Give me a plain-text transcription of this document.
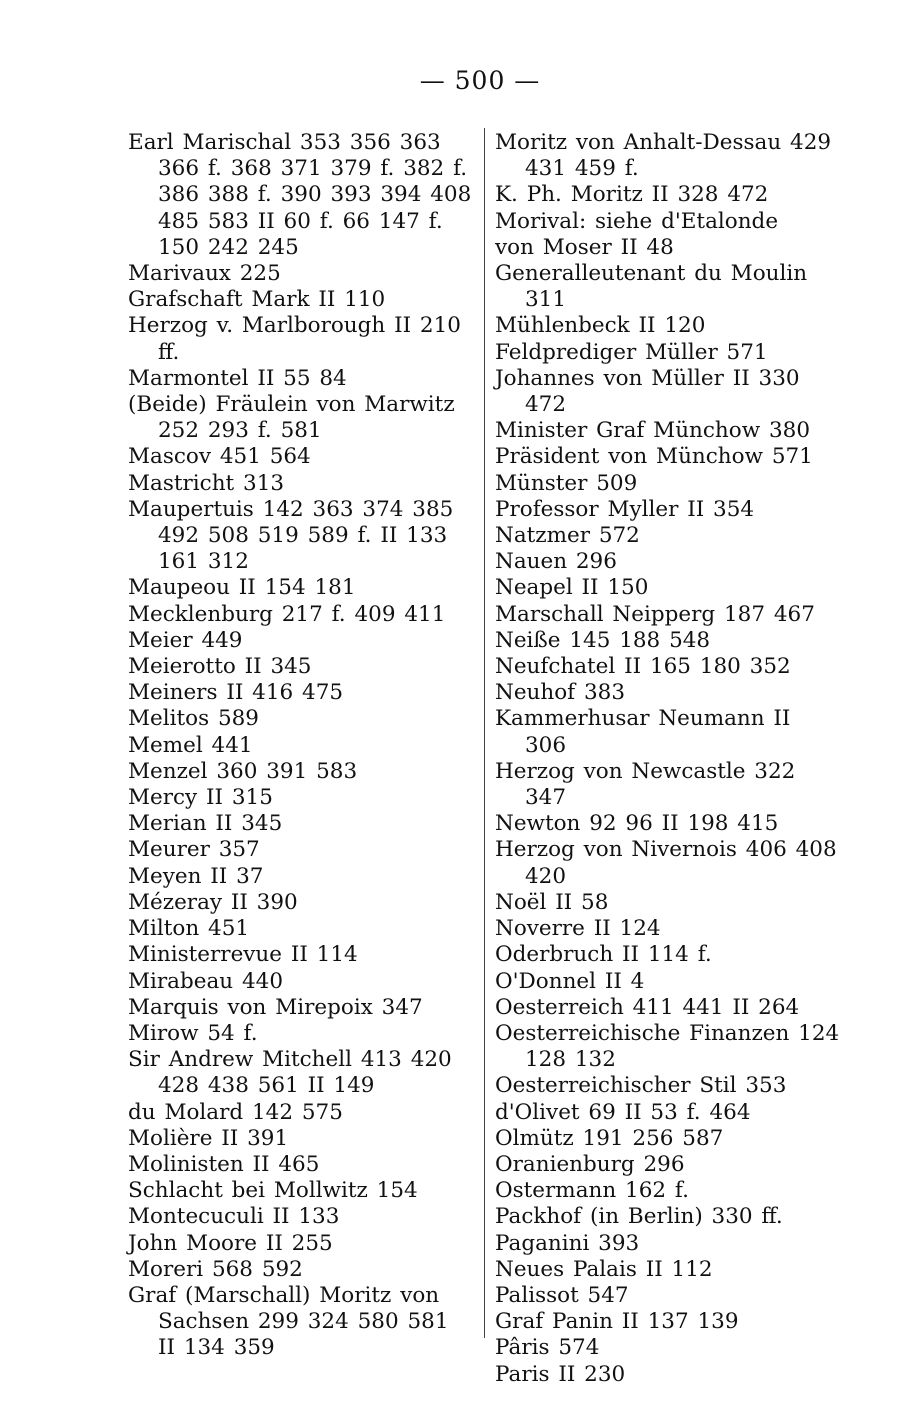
— 500 —
Earl Marischal 353 356 363 366 f. 368 371 379 f. 382 f. 386 388 f. 390 393 394 408 485 583 II 60 f. 66 147 f. 150 242 245
Marivaux 225
Grafschaft Mark II 110
Herzog v. Marlborough II 210 ff.
Marmontel II 55 84
(Beide) Fräulein von Marwitz 252 293 f. 581
Mascov 451 564
Mastricht 313
Maupertuis 142 363 374 385 492 508 519 589 f. II 133 161 312
Maupeou II 154 181
Mecklenburg 217 f. 409 411
Meier 449
Meierotto II 345
Meiners II 416 475
Melitos 589
Memel 441
Menzel 360 391 583
Mercy II 315
Merian II 345
Meurer 357
Meyen II 37
Mézeray II 390
Milton 451
Ministerrevue II 114
Mirabeau 440
Marquis von Mirepoix 347
Mirow 54 f.
Sir Andrew Mitchell 413 420 428 438 561 II 149
du Molard 142 575
Molière II 391
Molinisten II 465
Schlacht bei Mollwitz 154
Montecuculi II 133
John Moore II 255
Moreri 568 592
Graf (Marschall) Moritz von Sachsen 299 324 580 581 II 134 359
Moritz von Anhalt-Dessau 429 431 459 f.
K. Ph. Moritz II 328 472
Morival: siehe d'Etalonde
von Moser II 48
Generalleutenant du Moulin 311
Mühlenbeck II 120
Feldprediger Müller 571
Johannes von Müller II 330 472
Minister Graf Münchow 380
Präsident von Münchow 571
Münster 509
Professor Myller II 354
Natzmer 572
Nauen 296
Neapel II 150
Marschall Neipperg 187 467
Neiße 145 188 548
Neufchatel II 165 180 352
Neuhof 383
Kammerhusar Neumann II 306
Herzog von Newcastle 322 347
Newton 92 96 II 198 415
Herzog von Nivernois 406 408 420
Noël II 58
Noverre II 124
Oderbruch II 114 f.
O'Donnel II 4
Oesterreich 411 441 II 264
Oesterreichische Finanzen 124 128 132
Oesterreichischer Stil 353
d'Olivet 69 II 53 f. 464
Olmütz 191 256 587
Oranienburg 296
Ostermann 162 f.
Packhof (in Berlin) 330 ff.
Paganini 393
Neues Palais II 112
Palissot 547
Graf Panin II 137 139
Pâris 574
Paris II 230
